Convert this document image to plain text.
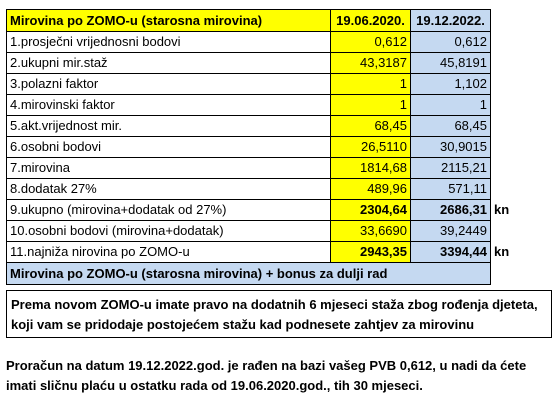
Mirovina po ZOMO-u (starosna mirovina)	19.06.2020.	19.12.2022.	
1.prosječni vrijednosni bodovi	0,612	0,612	
2.ukupni mir.staž	43,3187	45,8191	
3.polazni faktor	1	1,102	
4.mirovinski faktor	1	1	
5.akt.vrijednost mir.	68,45	68,45	
6.osobni bodovi	26,5110	30,9015	
7.mirovina	1814,68	2115,21	
8.dodatak 27%	489,96	571,11	
9.ukupno (mirovina+dodatak od 27%)	2304,64	2686,31	kn
10.osobni bodovi (mirovina+dodatak)	33,6690	39,2449	
11.najniža nirovina po ZOMO-u	2943,35	3394,44	kn
Mirovina po ZOMO-u (starosna mirovina) + bonus za dulji rad			
Prema novom ZOMO-u imate pravo na dodatnih 6 mjeseci staža zbog rođenja djeteta,
koji vam se pridodaje postojećem stažu kad podnesete zahtjev za mirovinu
Proračun na datum 19.12.2022.god. je rađen na bazi vašeg PVB 0,612, u nadi da ćete
imati sličnu plaću u ostatku rada od 19.06.2020.god., tih 30 mjeseci.
